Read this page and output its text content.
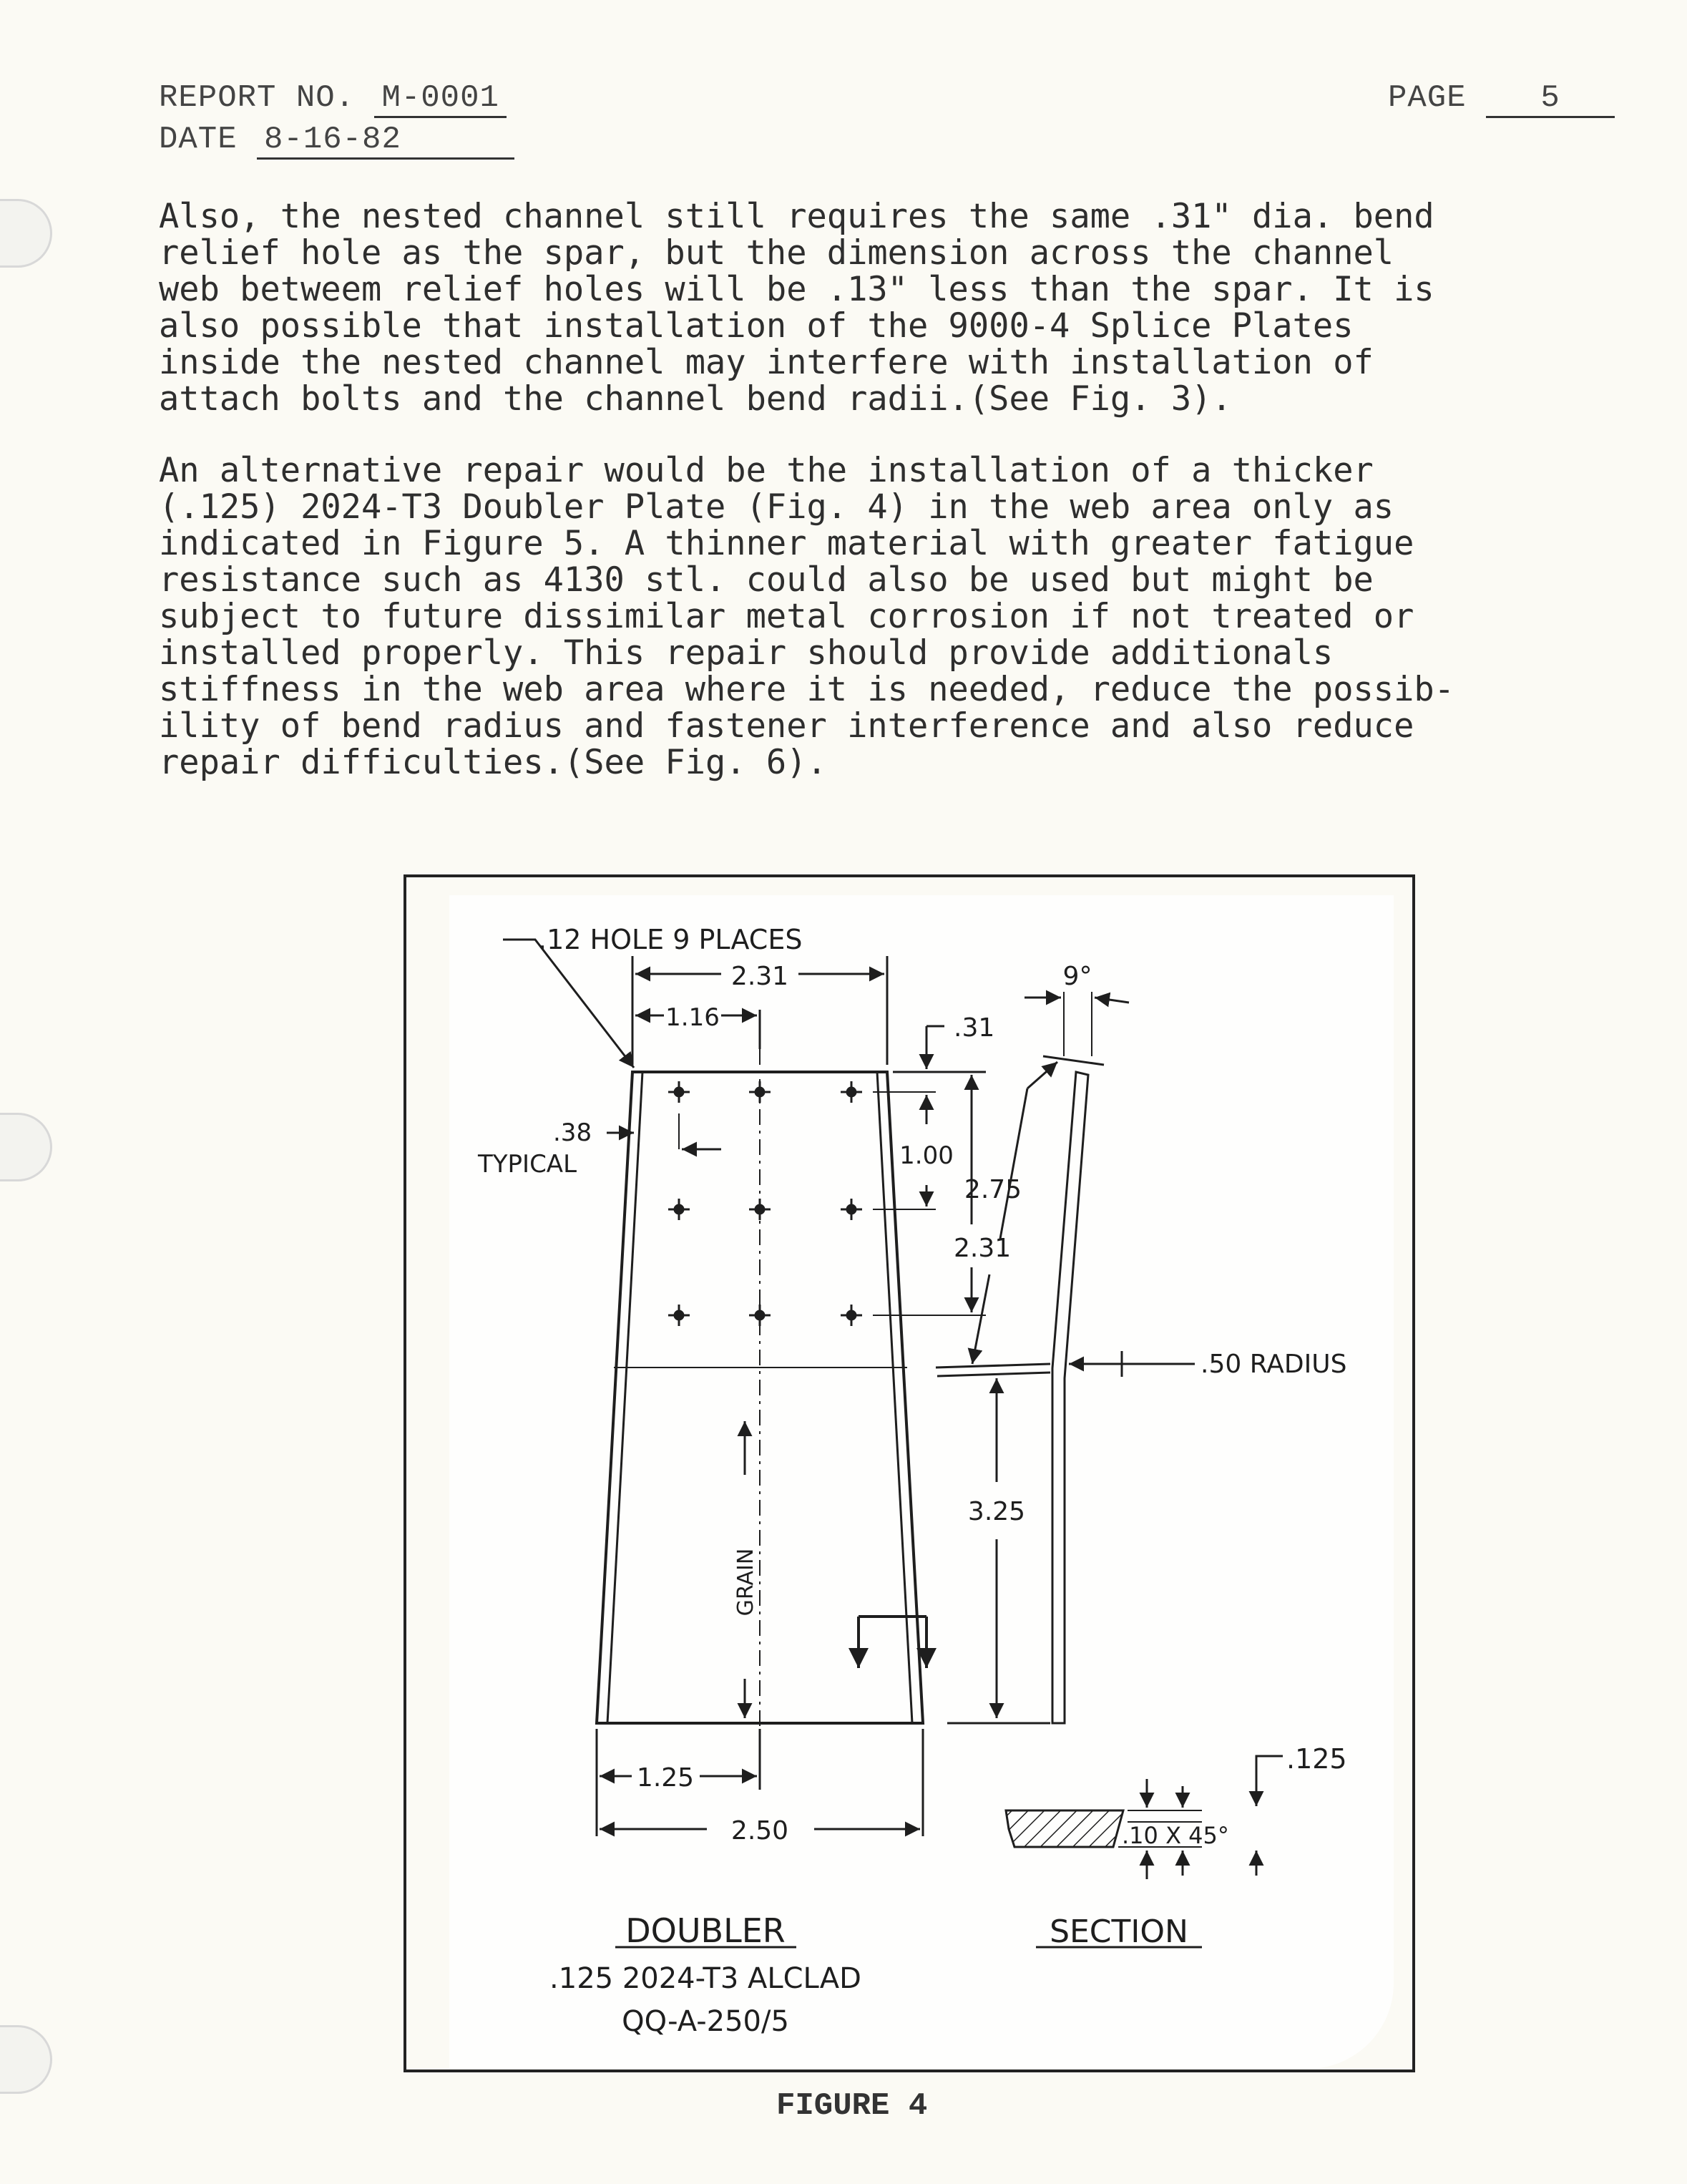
REPORT NO. M-0001
DATE 8-16-82
PAGE 5
Also, the nested channel still requires the same .31" dia. bend
relief hole as the spar, but the dimension across the channel
web betweem relief holes will be .13" less than the spar. It is
also possible that installation of the 9000-4 Splice Plates
inside the nested channel may interfere with installation of
attach bolts and the channel bend radii.(See Fig. 3).
An alternative repair would be the installation of a thicker
(.125) 2024-T3 Doubler Plate (Fig. 4) in the web area only as
indicated in Figure 5. A thinner material with greater fatigue
resistance such as 4130 stl. could also be used but might be
subject to future dissimilar metal corrosion if not treated or
installed properly. This repair should provide additionals
stiffness in the web area where it is needed, reduce the possib-
ility of bend radius and fastener interference and also reduce
repair difficulties.(See Fig. 6).
.12 HOLE 9 PLACES
2.31
1.16	.31
.38
TYPICAL	1.00
2.31
2.75
9°
.50 RADIUS
3.25
GRAIN
1.25
2.50
.125
.10 X 45°
DOUBLER
.125 2024-T3 ALCLAD
QQ-A-250/5
SECTION
FIGURE 4
